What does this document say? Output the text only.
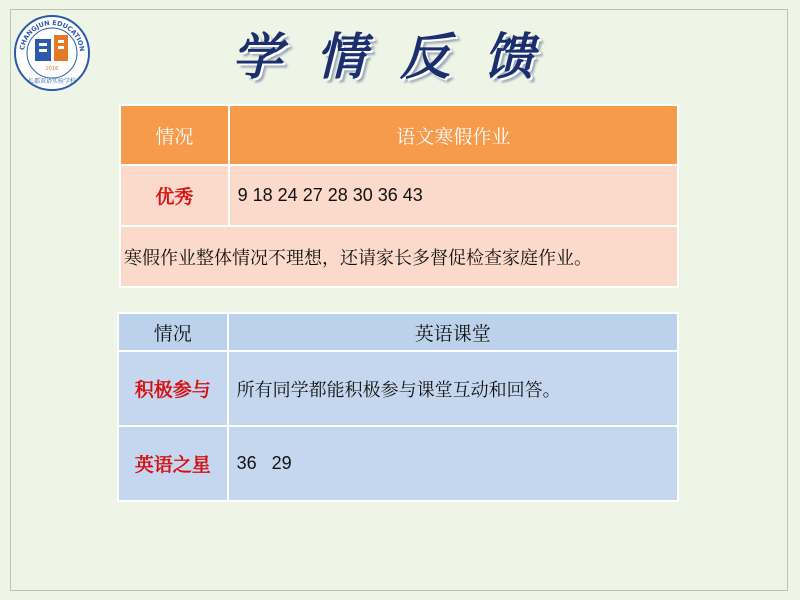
CHANGJUN EDUCATION
2016
长郡双语实验学校	学情反馈
情况	语文寒假作业
优秀	9 18 24 27 28 30 36 43
寒假作业整体情况不理想，还请家长多督促检查家庭作业。	
情况	英语课堂
积极参与	所有同学都能积极参与课堂互动和回答。
英语之星	36   29
